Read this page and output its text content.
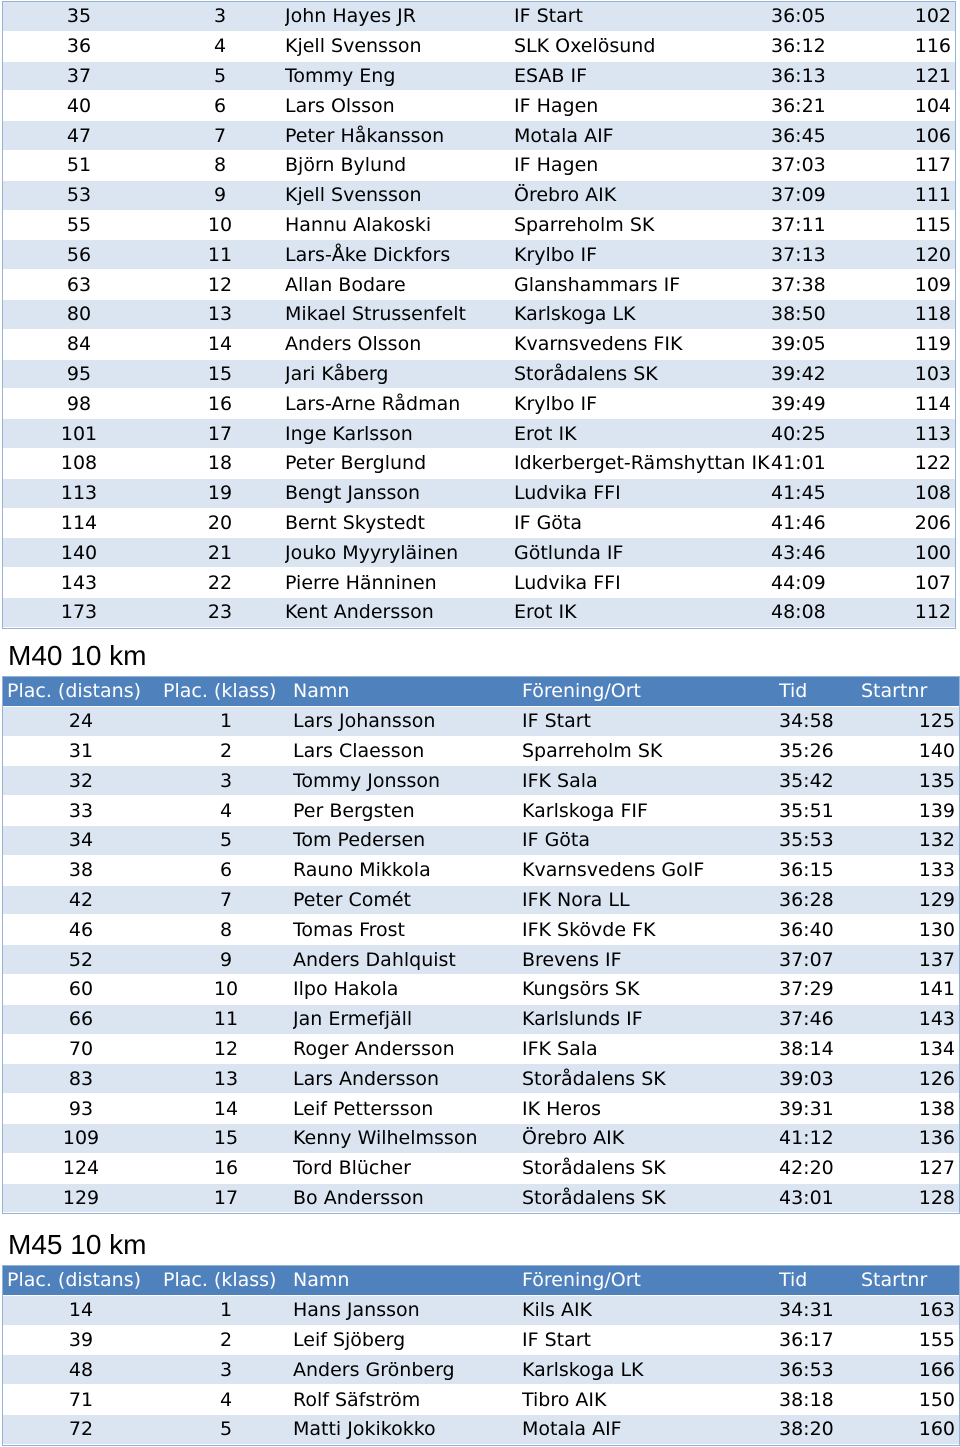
35	3	John Hayes JR	IF Start	36:05	102
36	4	Kjell Svensson	SLK Oxelösund	36:12	116
37	5	Tommy Eng	ESAB IF	36:13	121
40	6	Lars Olsson	IF Hagen	36:21	104
47	7	Peter Håkansson	Motala AIF	36:45	106
51	8	Björn Bylund	IF Hagen	37:03	117
53	9	Kjell Svensson	Örebro AIK	37:09	111
55	10	Hannu Alakoski	Sparreholm SK	37:11	115
56	11	Lars-Åke Dickfors	Krylbo IF	37:13	120
63	12	Allan Bodare	Glanshammars IF	37:38	109
80	13	Mikael Strussenfelt	Karlskoga LK	38:50	118
84	14	Anders Olsson	Kvarnsvedens FIK	39:05	119
95	15	Jari Kåberg	Storådalens SK	39:42	103
98	16	Lars-Arne Rådman	Krylbo IF	39:49	114
101	17	Inge Karlsson	Erot IK	40:25	113
108	18	Peter Berglund	Idkerberget-Rämshyttan IK	41:01	122
113	19	Bengt Jansson	Ludvika FFI	41:45	108
114	20	Bernt Skystedt	IF Göta	41:46	206
140	21	Jouko Myyryläinen	Götlunda IF	43:46	100
143	22	Pierre Hänninen	Ludvika FFI	44:09	107
173	23	Kent Andersson	Erot IK	48:08	112
M40 10 km
Plac. (distans)	Plac. (klass)	Namn	Förening/Ort	Tid	Startnr
24	1	Lars Johansson	IF Start	34:58	125
31	2	Lars Claesson	Sparreholm SK	35:26	140
32	3	Tommy Jonsson	IFK Sala	35:42	135
33	4	Per Bergsten	Karlskoga FIF	35:51	139
34	5	Tom Pedersen	IF Göta	35:53	132
38	6	Rauno Mikkola	Kvarnsvedens GoIF	36:15	133
42	7	Peter Comét	IFK Nora LL	36:28	129
46	8	Tomas Frost	IFK Skövde FK	36:40	130
52	9	Anders Dahlquist	Brevens IF	37:07	137
60	10	Ilpo Hakola	Kungsörs SK	37:29	141
66	11	Jan Ermefjäll	Karlslunds IF	37:46	143
70	12	Roger Andersson	IFK Sala	38:14	134
83	13	Lars Andersson	Storådalens SK	39:03	126
93	14	Leif Pettersson	IK Heros	39:31	138
109	15	Kenny Wilhelmsson	Örebro AIK	41:12	136
124	16	Tord Blücher	Storådalens SK	42:20	127
129	17	Bo Andersson	Storådalens SK	43:01	128
M45 10 km
Plac. (distans)	Plac. (klass)	Namn	Förening/Ort	Tid	Startnr
14	1	Hans Jansson	Kils AIK	34:31	163
39	2	Leif Sjöberg	IF Start	36:17	155
48	3	Anders Grönberg	Karlskoga LK	36:53	166
71	4	Rolf Säfström	Tibro AIK	38:18	150
72	5	Matti Jokikokko	Motala AIF	38:20	160
